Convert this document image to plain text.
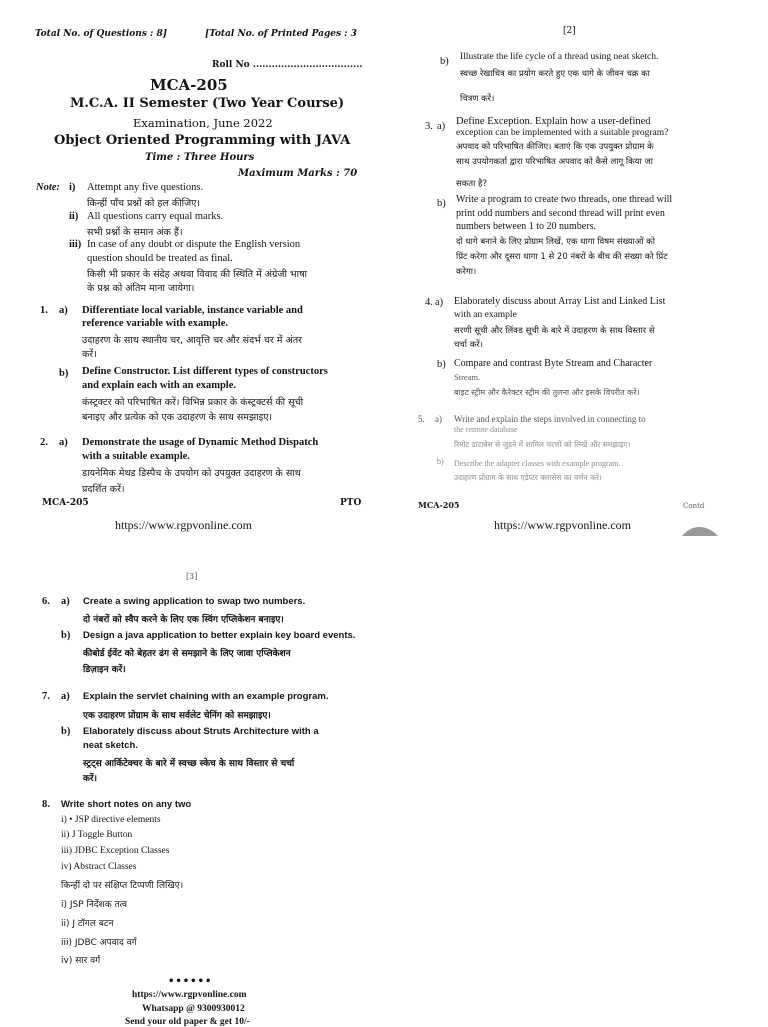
Total No. of Questions : 8]	[Total No. of Printed Pages : 3
Roll No ...................................
MCA-205
M.C.A. II Semester (Two Year Course)
Examination, June 2022
Object Oriented Programming with JAVA
Time : Three Hours
Maximum Marks : 70
Note: i) Attempt any five questions.
किन्हीं पाँच प्रश्नों को हल कीजिए।
ii) All questions carry equal marks.
सभी प्रश्नों के समान अंक हैं।
iii) In case of any doubt or dispute the English version
question should be treated as final.
किसी भी प्रकार के संदेह अथवा विवाद की स्थिति में अंग्रेजी भाषा
के प्रश्न को अंतिम माना जायेगा।
1. a) Differentiate local variable, instance variable and
reference variable with example.
उदाहरण के साथ स्थानीय चर, आवृत्ति चर और संदर्भ चर में अंतर
करें।
b) Define Constructor. List different types of constructors
and explain each with an example.
कंस्ट्रक्टर को परिभाषित करें। विभिन्न प्रकार के कंस्ट्रक्टर्स की सूची
बनाइए और प्रत्येक को एक उदाहरण के साथ समझाइए।
2. a) Demonstrate the usage of Dynamic Method Dispatch
with a suitable example.
डायनेमिक मेथड डिस्पैच के उपयोग को उपयुक्त उदाहरण के साथ
प्रदर्शित करें।
MCA-205	PTO
https://www.rgpvonline.com
[2]
b) Illustrate the life cycle of a thread using neat sketch.
स्वच्छ रेखाचित्र का प्रयोग करते हुए एक धागे के जीवन चक्र का
चित्रण करें।
3. a) Define Exception. Explain how a user-defined
exception can be implemented with a suitable program?
अपवाद को परिभाषित कीजिए। बताएं कि एक उपयुक्त प्रोग्राम के
साथ उपयोगकर्ता द्वारा परिभाषित अपवाद को कैसे लागू किया जा
सकता है?
b) Write a program to create two threads, one thread will
print odd numbers and second thread will print even
numbers between 1 to 20 numbers.
दो धागे बनाने के लिए प्रोग्राम लिखें, एक धागा विषम संख्याओं को
प्रिंट करेगा और दूसरा धागा 1 से 20 नंबरों के बीच की संख्या को प्रिंट
करेगा।
4. a) Elaborately discuss about Array List and Linked List
with an example
सरणी सूची और लिंक्ड सूची के बारे में उदाहरण के साथ विस्तार से
चर्चा करें।
b) Compare and contrast Byte Stream and Character
Stream.
बाइट स्ट्रीम और कैरेक्टर स्ट्रीम की तुलना और इसके विपरीत करें।
5. a) Write and explain the steps involved in connecting to
the remote database
रिमोट डाटाबेस से जुड़ने में शामिल चरणों को लिखें और समझाइए।
b) Describe the adapter classes with example program.
उदाहरण प्रोग्राम के साथ एडेप्टर क्लासेस का वर्णन करें।
MCA-205	Contd
https://www.rgpvonline.com
[3]
6. a) Create a swing application to swap two numbers.
दो नंबरों को स्वैप करने के लिए एक स्विंग एप्लिकेशन बनाइए।
b) Design a java application to better explain key board events.
कीबोर्ड ईवेंट को बेहतर ढंग से समझाने के लिए जावा एप्लिकेशन
डिज़ाइन करें।
7. a) Explain the servlet chaining with an example program.
एक उदाहरण प्रोग्राम के साथ सर्वलेट चेनिंग को समझाइए।
b) Elaborately discuss about Struts Architecture with a
neat sketch.
स्ट्रट्स आर्किटेक्चर के बारे में स्वच्छ स्केच के साथ विस्तार से चर्चा
करें।
8. Write short notes on any two
i) • JSP directive elements
ii) J Toggle Button
iii) JDBC Exception Classes
iv) Abstract Classes
किन्हीं दो पर संक्षिप्त टिप्पणी लिखिए।
i) JSP निर्देशक तत्व
ii) J टॉगल बटन
iii) JDBC अपवाद वर्ग
iv) सार वर्ग
••••••
https://www.rgpvonline.com
Whatsapp @ 9300930012
Send your old paper & get 10/-
